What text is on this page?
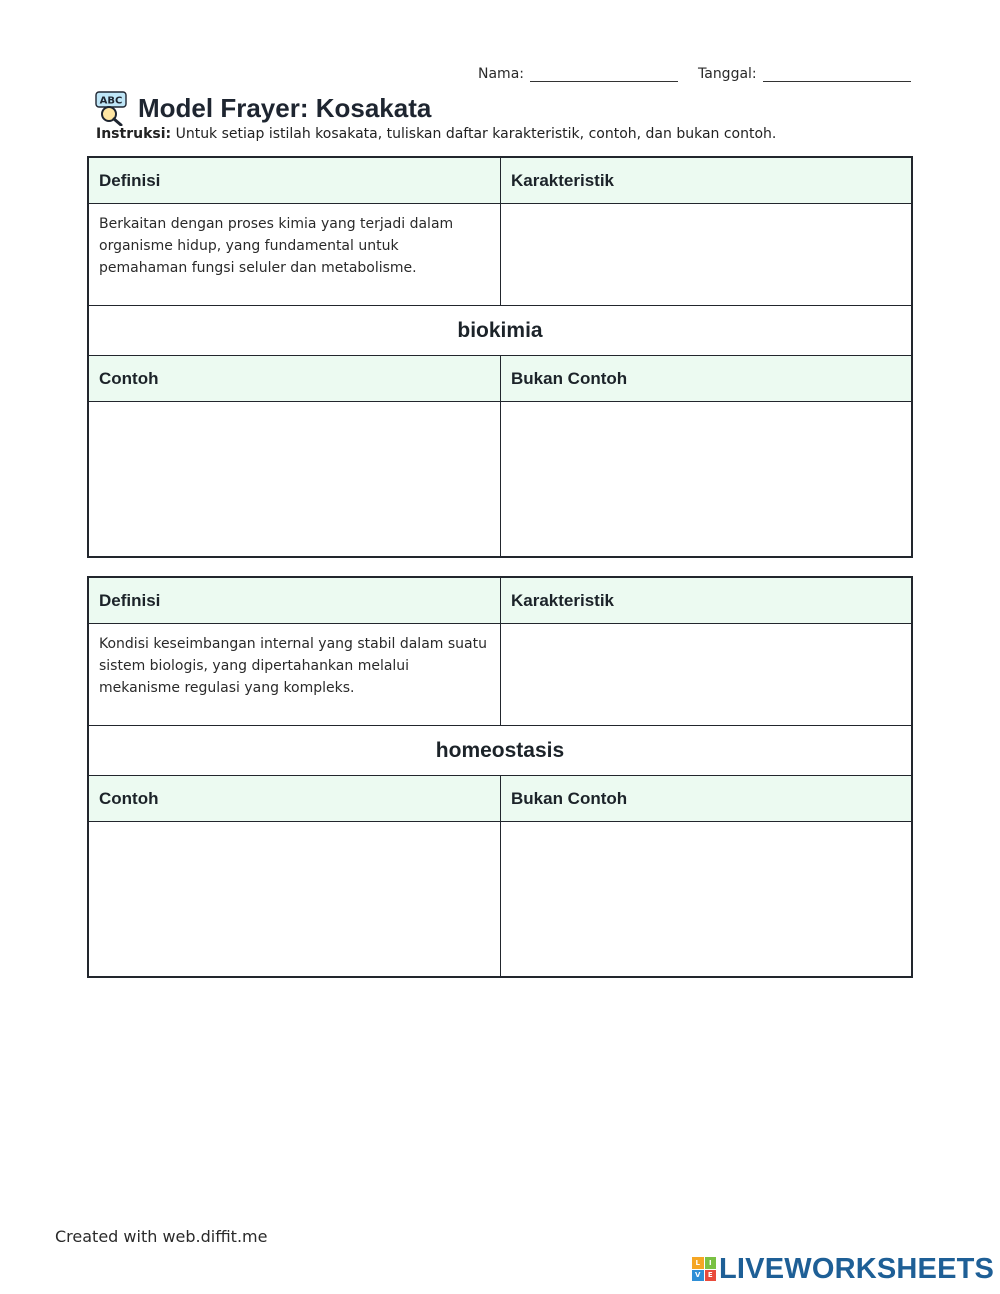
Nama:	Tanggal:
ABC Model Frayer: Kosakata
Instruksi: Untuk setiap istilah kosakata, tuliskan daftar karakteristik, contoh, dan bukan contoh.
Definisi	Karakteristik
Berkaitan dengan proses kimia yang terjadi dalam organisme hidup, yang fundamental untuk pemahaman fungsi seluler dan metabolisme.
biokimia
Contoh	Bukan Contoh
Definisi	Karakteristik
Kondisi keseimbangan internal yang stabil dalam suatu sistem biologis, yang dipertahankan melalui mekanisme regulasi yang kompleks.
homeostasis
Contoh	Bukan Contoh
Created with web.diffit.me
L	I
V	E LIVEWORKSHEETS
